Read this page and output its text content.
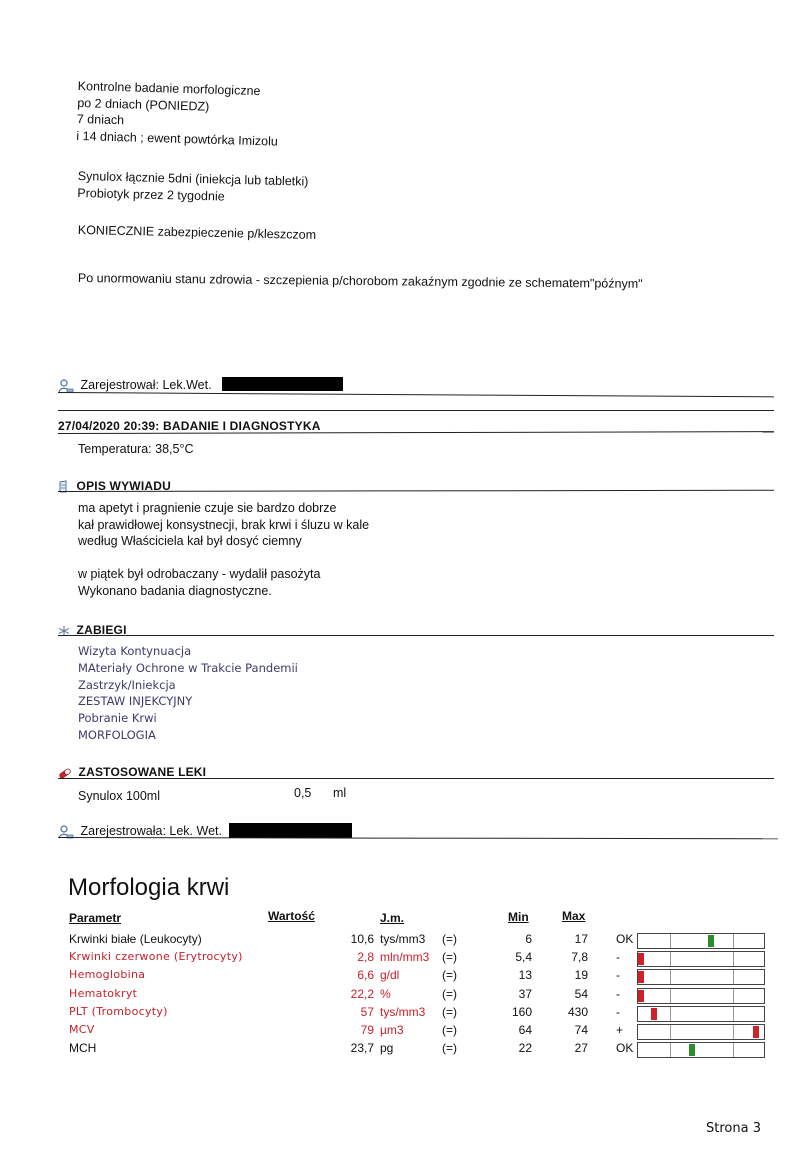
Kontrolne badanie morfologiczne
po 2 dniach (PONIEDZ)
7 dniach
i 14 dniach ; ewent powtórka Imizolu
Synulox łącznie 5dni (iniekcja lub tabletki)
Probiotyk przez 2 tygodnie
KONIECZNIE zabezpieczenie p/kleszczom
Po unormowaniu stanu zdrowia - szczepienia p/chorobom zakaźnym zgodnie ze schematem"późnym"
Zarejestrował: Lek.Wet.
27/04/2020 20:39: BADANIE I DIAGNOSTYKA
Temperatura: 38,5°C
OPIS WYWIADU
ma apetyt i pragnienie czuje sie bardzo dobrze
kał prawidłowej konsystnecji, brak krwi i śluzu w kale
według Właściciela kał był dosyć ciemny

w piątek był odrobaczany - wydalił pasożyta
Wykonano badania diagnostyczne.
ZABIEGI
Wizyta Kontynuacja
MAteriały Ochrone w Trakcie Pandemii
Zastrzyk/Iniekcja
ZESTAW INJEKCYJNY
Pobranie Krwi
MORFOLOGIA
ZASTOSOWANE LEKI
Synulox 100ml	0,5 ml
Zarejestrowała: Lek. Wet.
Morfologia krwi
Parametr	Wartość	J.m.	Min	Max
Krwinki białe (Leukocyty)	10,6 tys/mm3 (=)	6	17 OK
Krwinki czerwone (Erytrocyty)	2,8 mln/mm3 (=)	5,4	7,8 -
Hemoglobina	6,6 g/dl	(=)	13	19 -
Hematokryt	22,2 %	(=)	37	54 -
PLT (Trombocyty)	57 tys/mm3 (=)	160	430 -
MCV	79 µm3	(=)	64	74 +
MCH	23,7 pg	(=)	22	27 OK
Strona 3
